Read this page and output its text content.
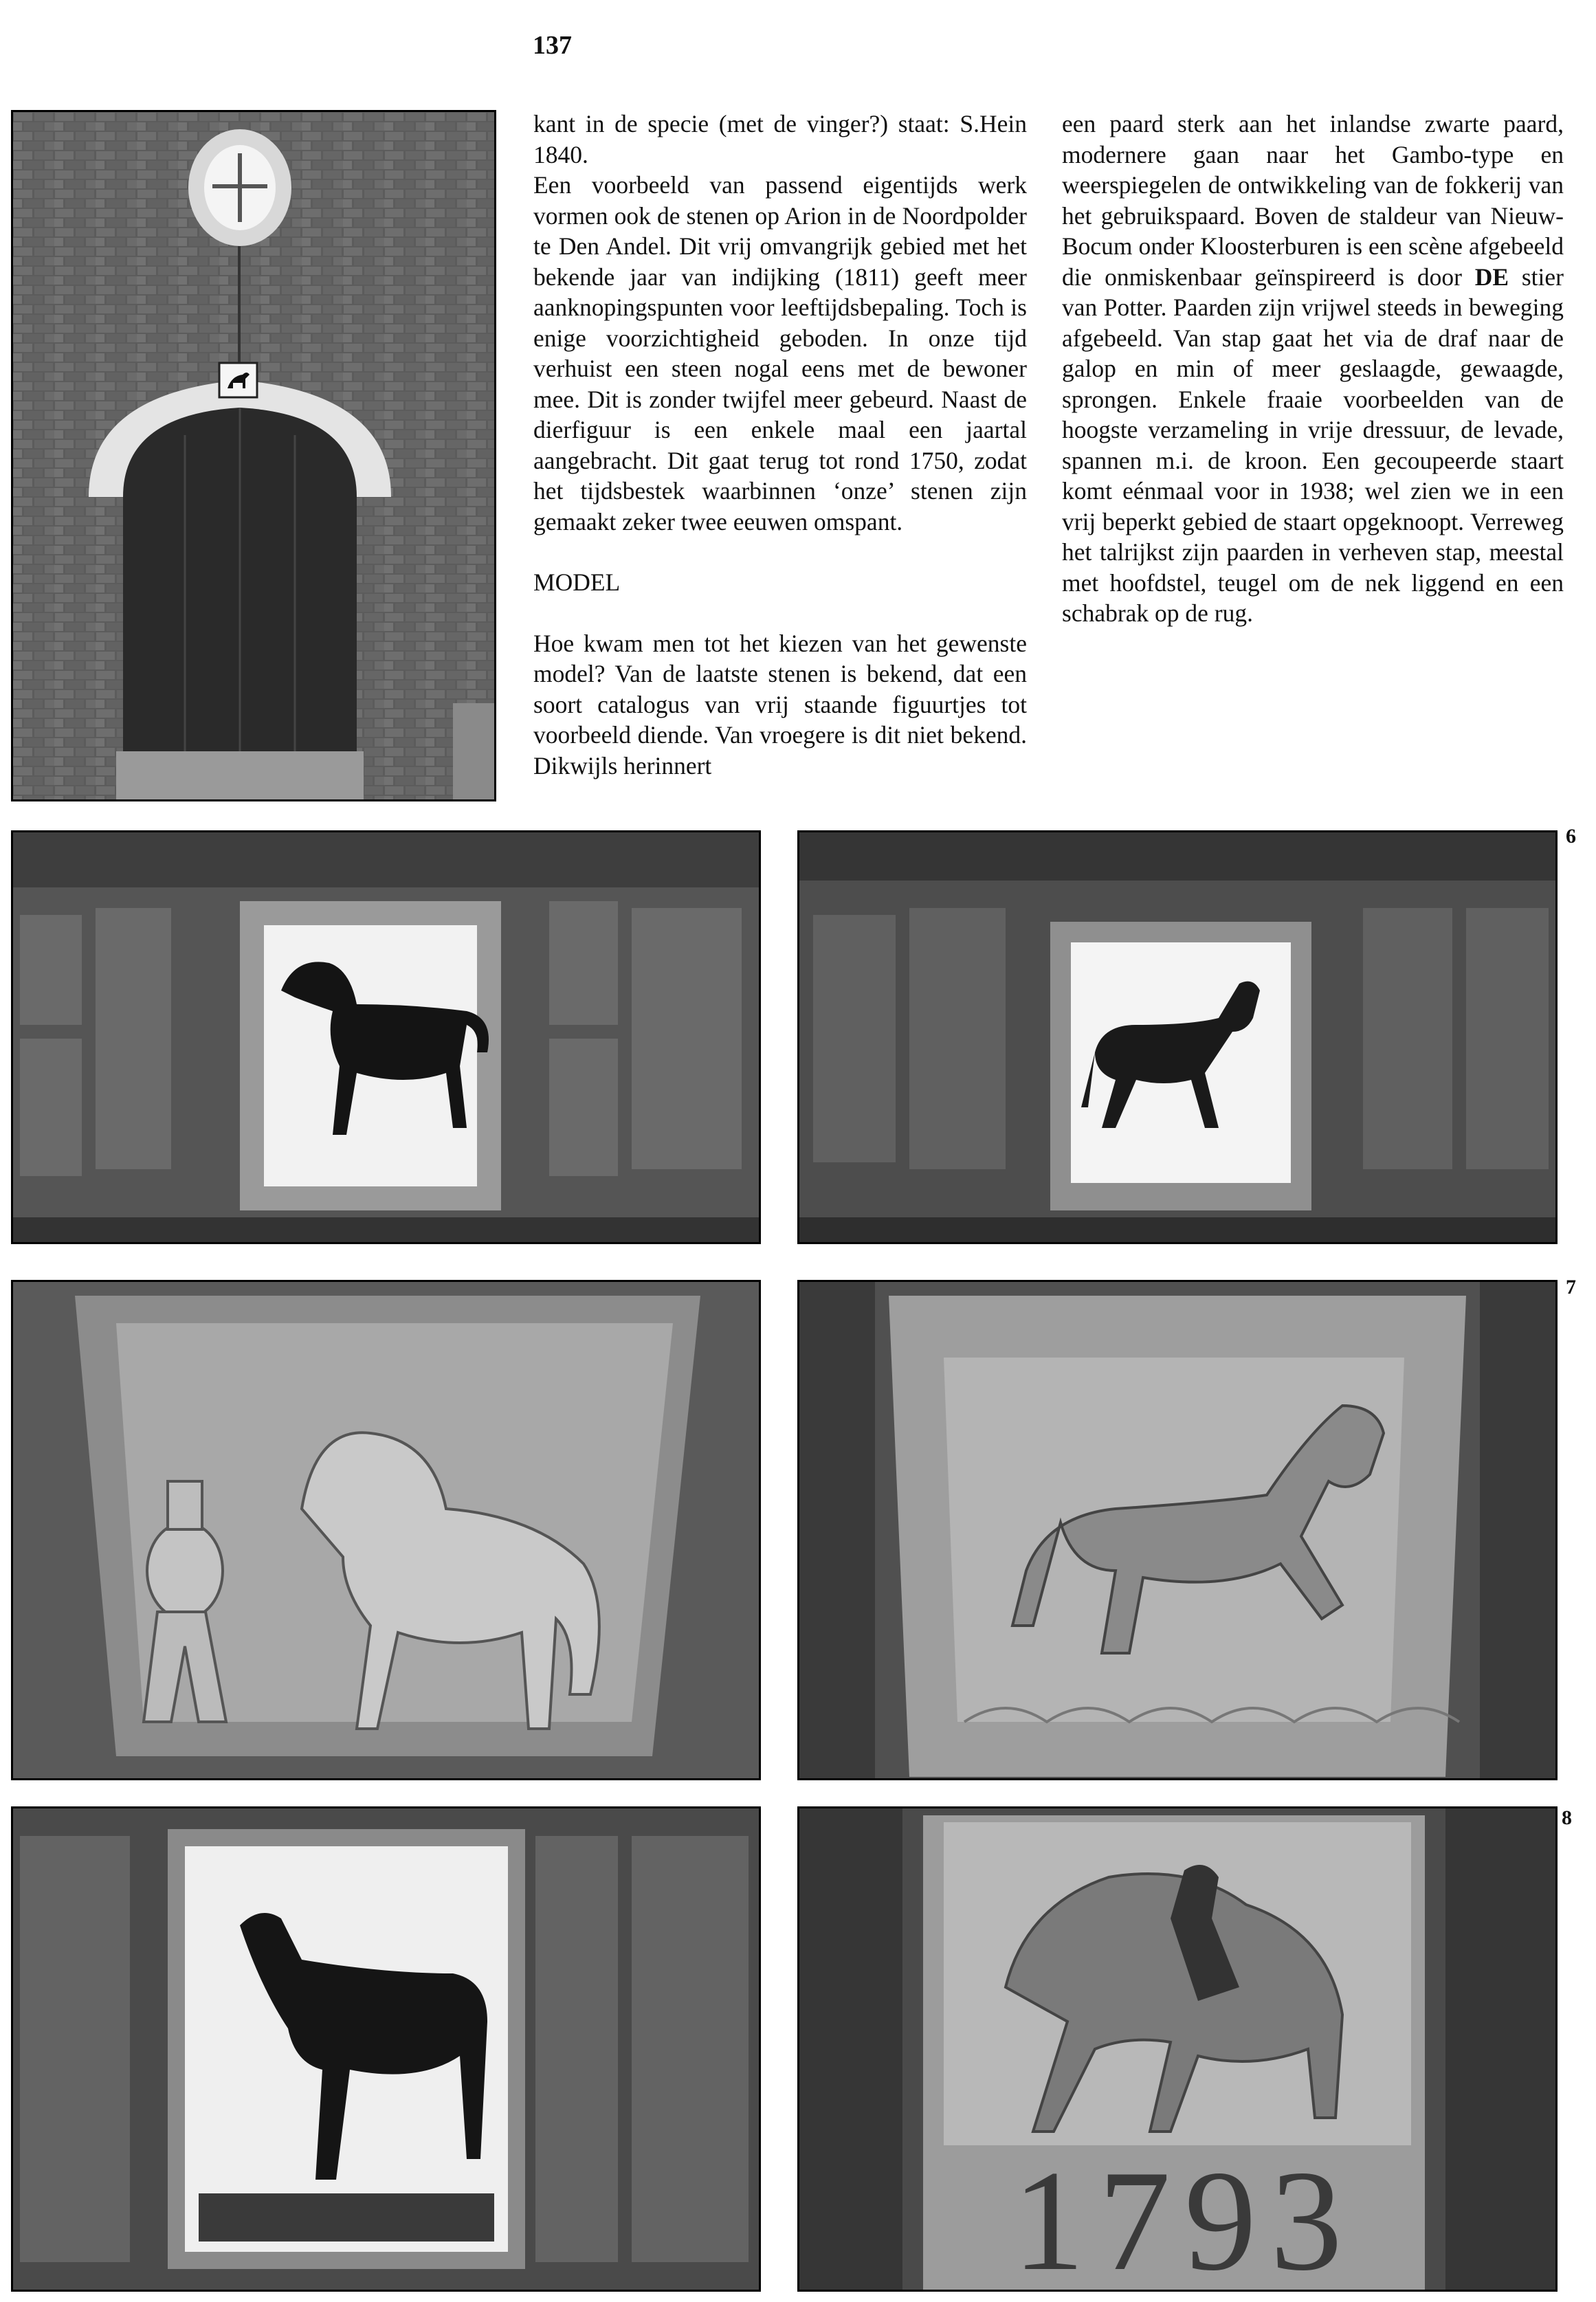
137

kant in de specie (met de vinger?) staat: S.Hein 1840.

Een voorbeeld van passend eigentijds werk vormen ook de stenen op Arion in de Noordpolder te Den Andel. Dit vrij omvangrijk gebied met het bekende jaar van indijking (1811) geeft meer aanknopingspunten voor leeftijdsbepaling. Toch is enige voorzichtigheid geboden. In onze tijd verhuist een steen nogal eens met de bewoner mee. Dit is zonder twijfel meer gebeurd. Naast de dierfiguur is een enkele maal een jaartal aangebracht. Dit gaat terug tot rond 1750, zodat het tijdsbestek waarbinnen ‘onze’ stenen zijn gemaakt zeker twee eeuwen omspant.

MODEL

Hoe kwam men tot het kiezen van het gewenste model? Van de laatste stenen is bekend, dat een soort catalogus van vrij staande figuurtjes tot voorbeeld diende. Van vroegere is dit niet bekend. Dikwijls herinnert

een paard sterk aan het inlandse zwarte paard, modernere gaan naar het Gambo-type en weerspiegelen de ontwikkeling van de fokkerij van het gebruikspaard. Boven de staldeur van Nieuw-Bocum onder Kloosterburen is een scène afgebeeld die onmiskenbaar geïnspireerd is door DE stier van Potter. Paarden zijn vrijwel steeds in beweging afgebeeld. Van stap gaat het via de draf naar de galop en min of meer geslaagde, gewaagde, sprongen. Enkele fraaie voorbeelden van de hoogste verzameling in vrije dressuur, de levade, spannen m.i. de kroon. Een gecoupeerde staart komt eénmaal voor in 1938; wel zien we in een vrij beperkt gebied de staart opgeknoopt. Verreweg het talrijkst zijn paarden in verheven stap, meestal met hoofdstel, teugel om de nek liggend en een schabrak op de rug.

6
7
1793
8
